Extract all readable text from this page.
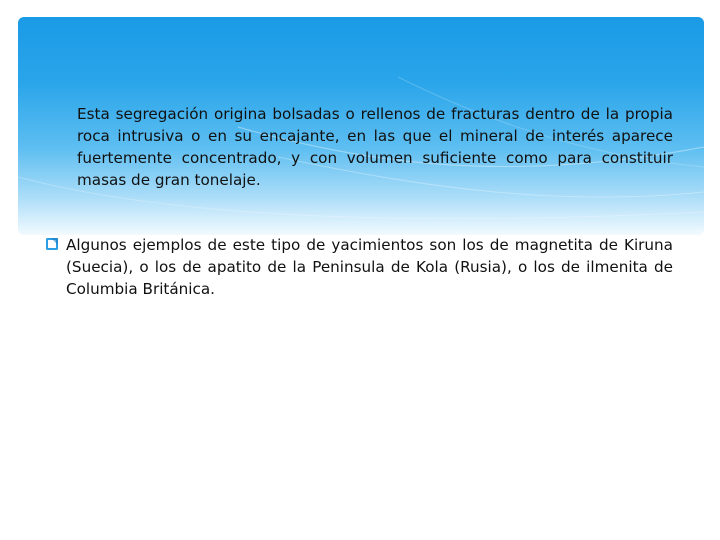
Esta segregación origina bolsadas o rellenos de fracturas dentro de la propia roca intrusiva o en su encajante, en las que el mineral de interés aparece fuertemente concentrado, y con volumen suficiente como para constituir masas de gran tonelaje.
Algunos ejemplos de este tipo de yacimientos son los de magnetita de Kiruna (Suecia), o los de apatito de la Peninsula de Kola (Rusia), o los de ilmenita de Columbia Británica.
